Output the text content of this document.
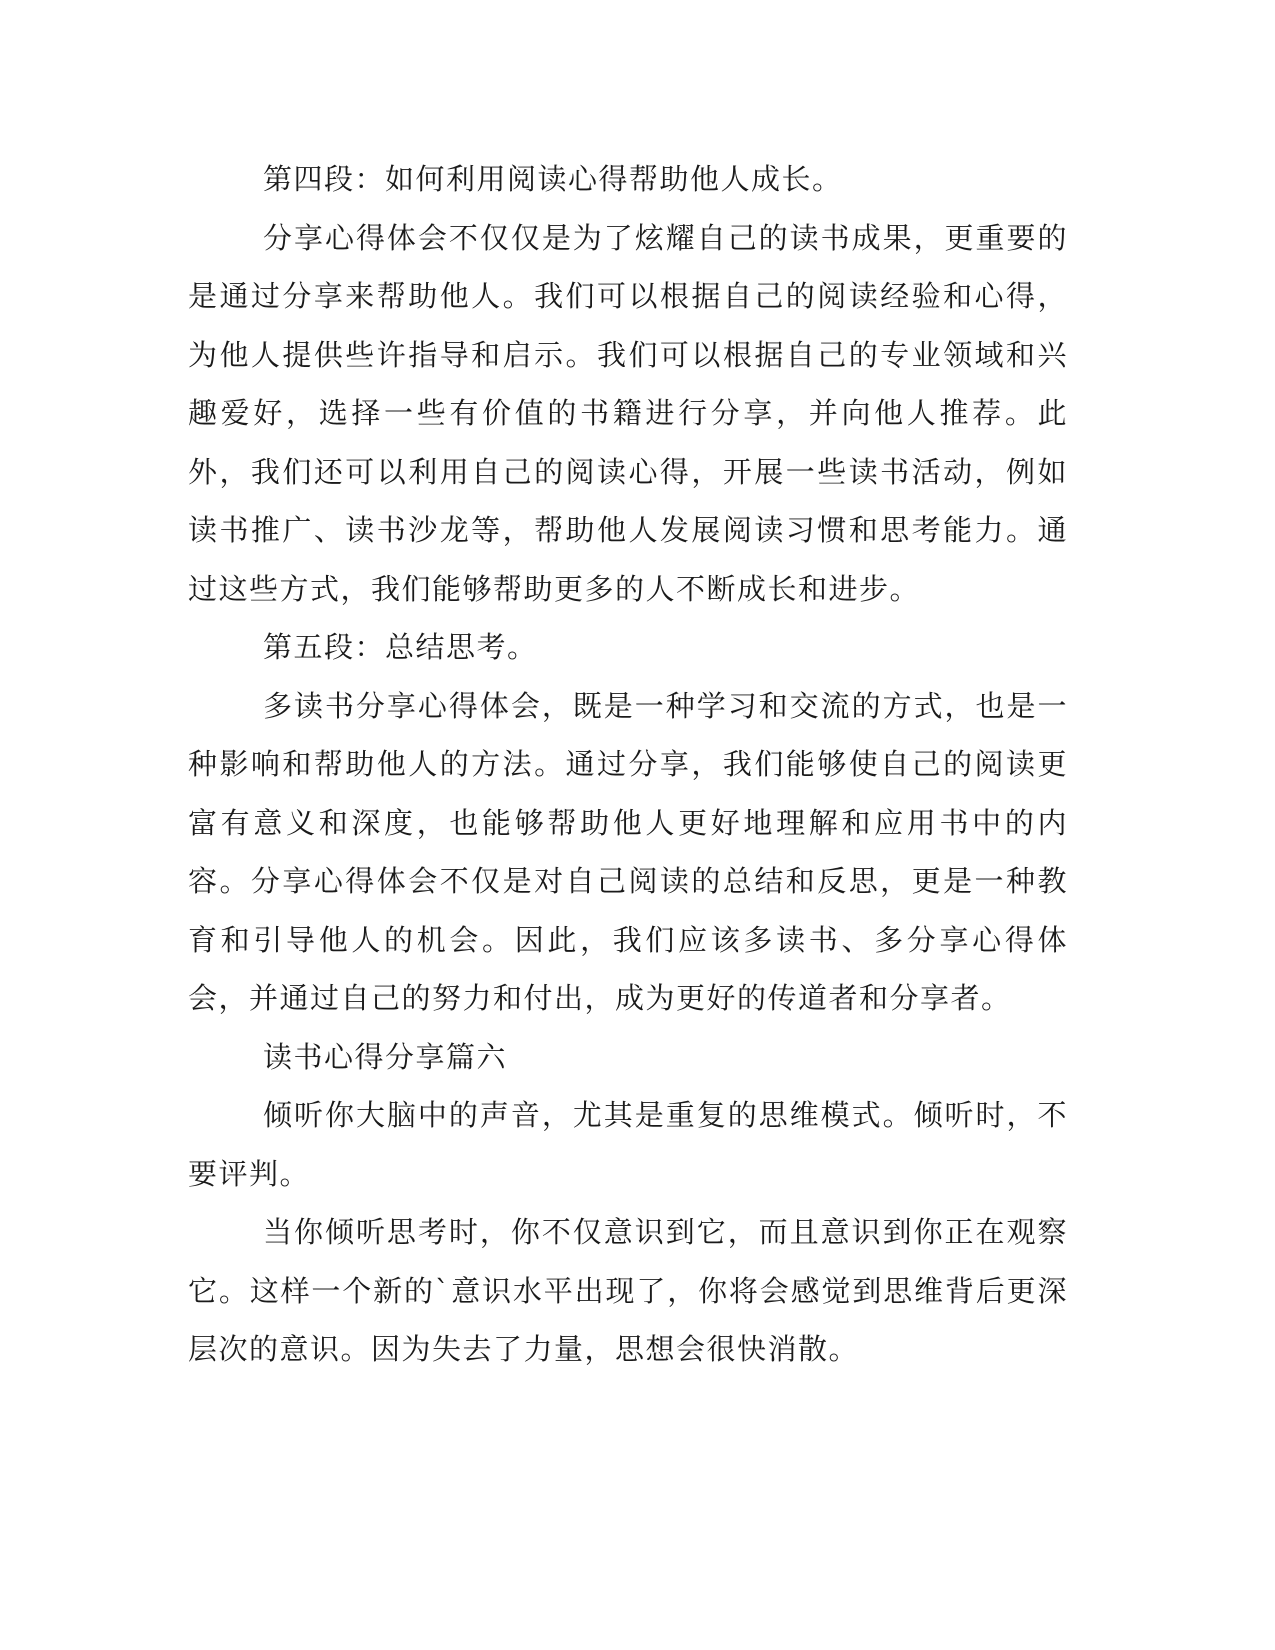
第四段：如何利用阅读心得帮助他人成长。

分享心得体会不仅仅是为了炫耀自己的读书成果，更重要的是通过分享来帮助他人。我们可以根据自己的阅读经验和心得，为他人提供些许指导和启示。我们可以根据自己的专业领域和兴趣爱好，选择一些有价值的书籍进行分享，并向他人推荐。此外，我们还可以利用自己的阅读心得，开展一些读书活动，例如读书推广、读书沙龙等，帮助他人发展阅读习惯和思考能力。通过这些方式，我们能够帮助更多的人不断成长和进步。

第五段：总结思考。

多读书分享心得体会，既是一种学习和交流的方式，也是一种影响和帮助他人的方法。通过分享，我们能够使自己的阅读更富有意义和深度，也能够帮助他人更好地理解和应用书中的内容。分享心得体会不仅是对自己阅读的总结和反思，更是一种教育和引导他人的机会。因此，我们应该多读书、多分享心得体会，并通过自己的努力和付出，成为更好的传道者和分享者。

读书心得分享篇六

倾听你大脑中的声音，尤其是重复的思维模式。倾听时，不要评判。

当你倾听思考时，你不仅意识到它，而且意识到你正在观察它。这样一个新的`意识水平出现了，你将会感觉到思维背后更深层次的意识。因为失去了力量，思想会很快消散。
